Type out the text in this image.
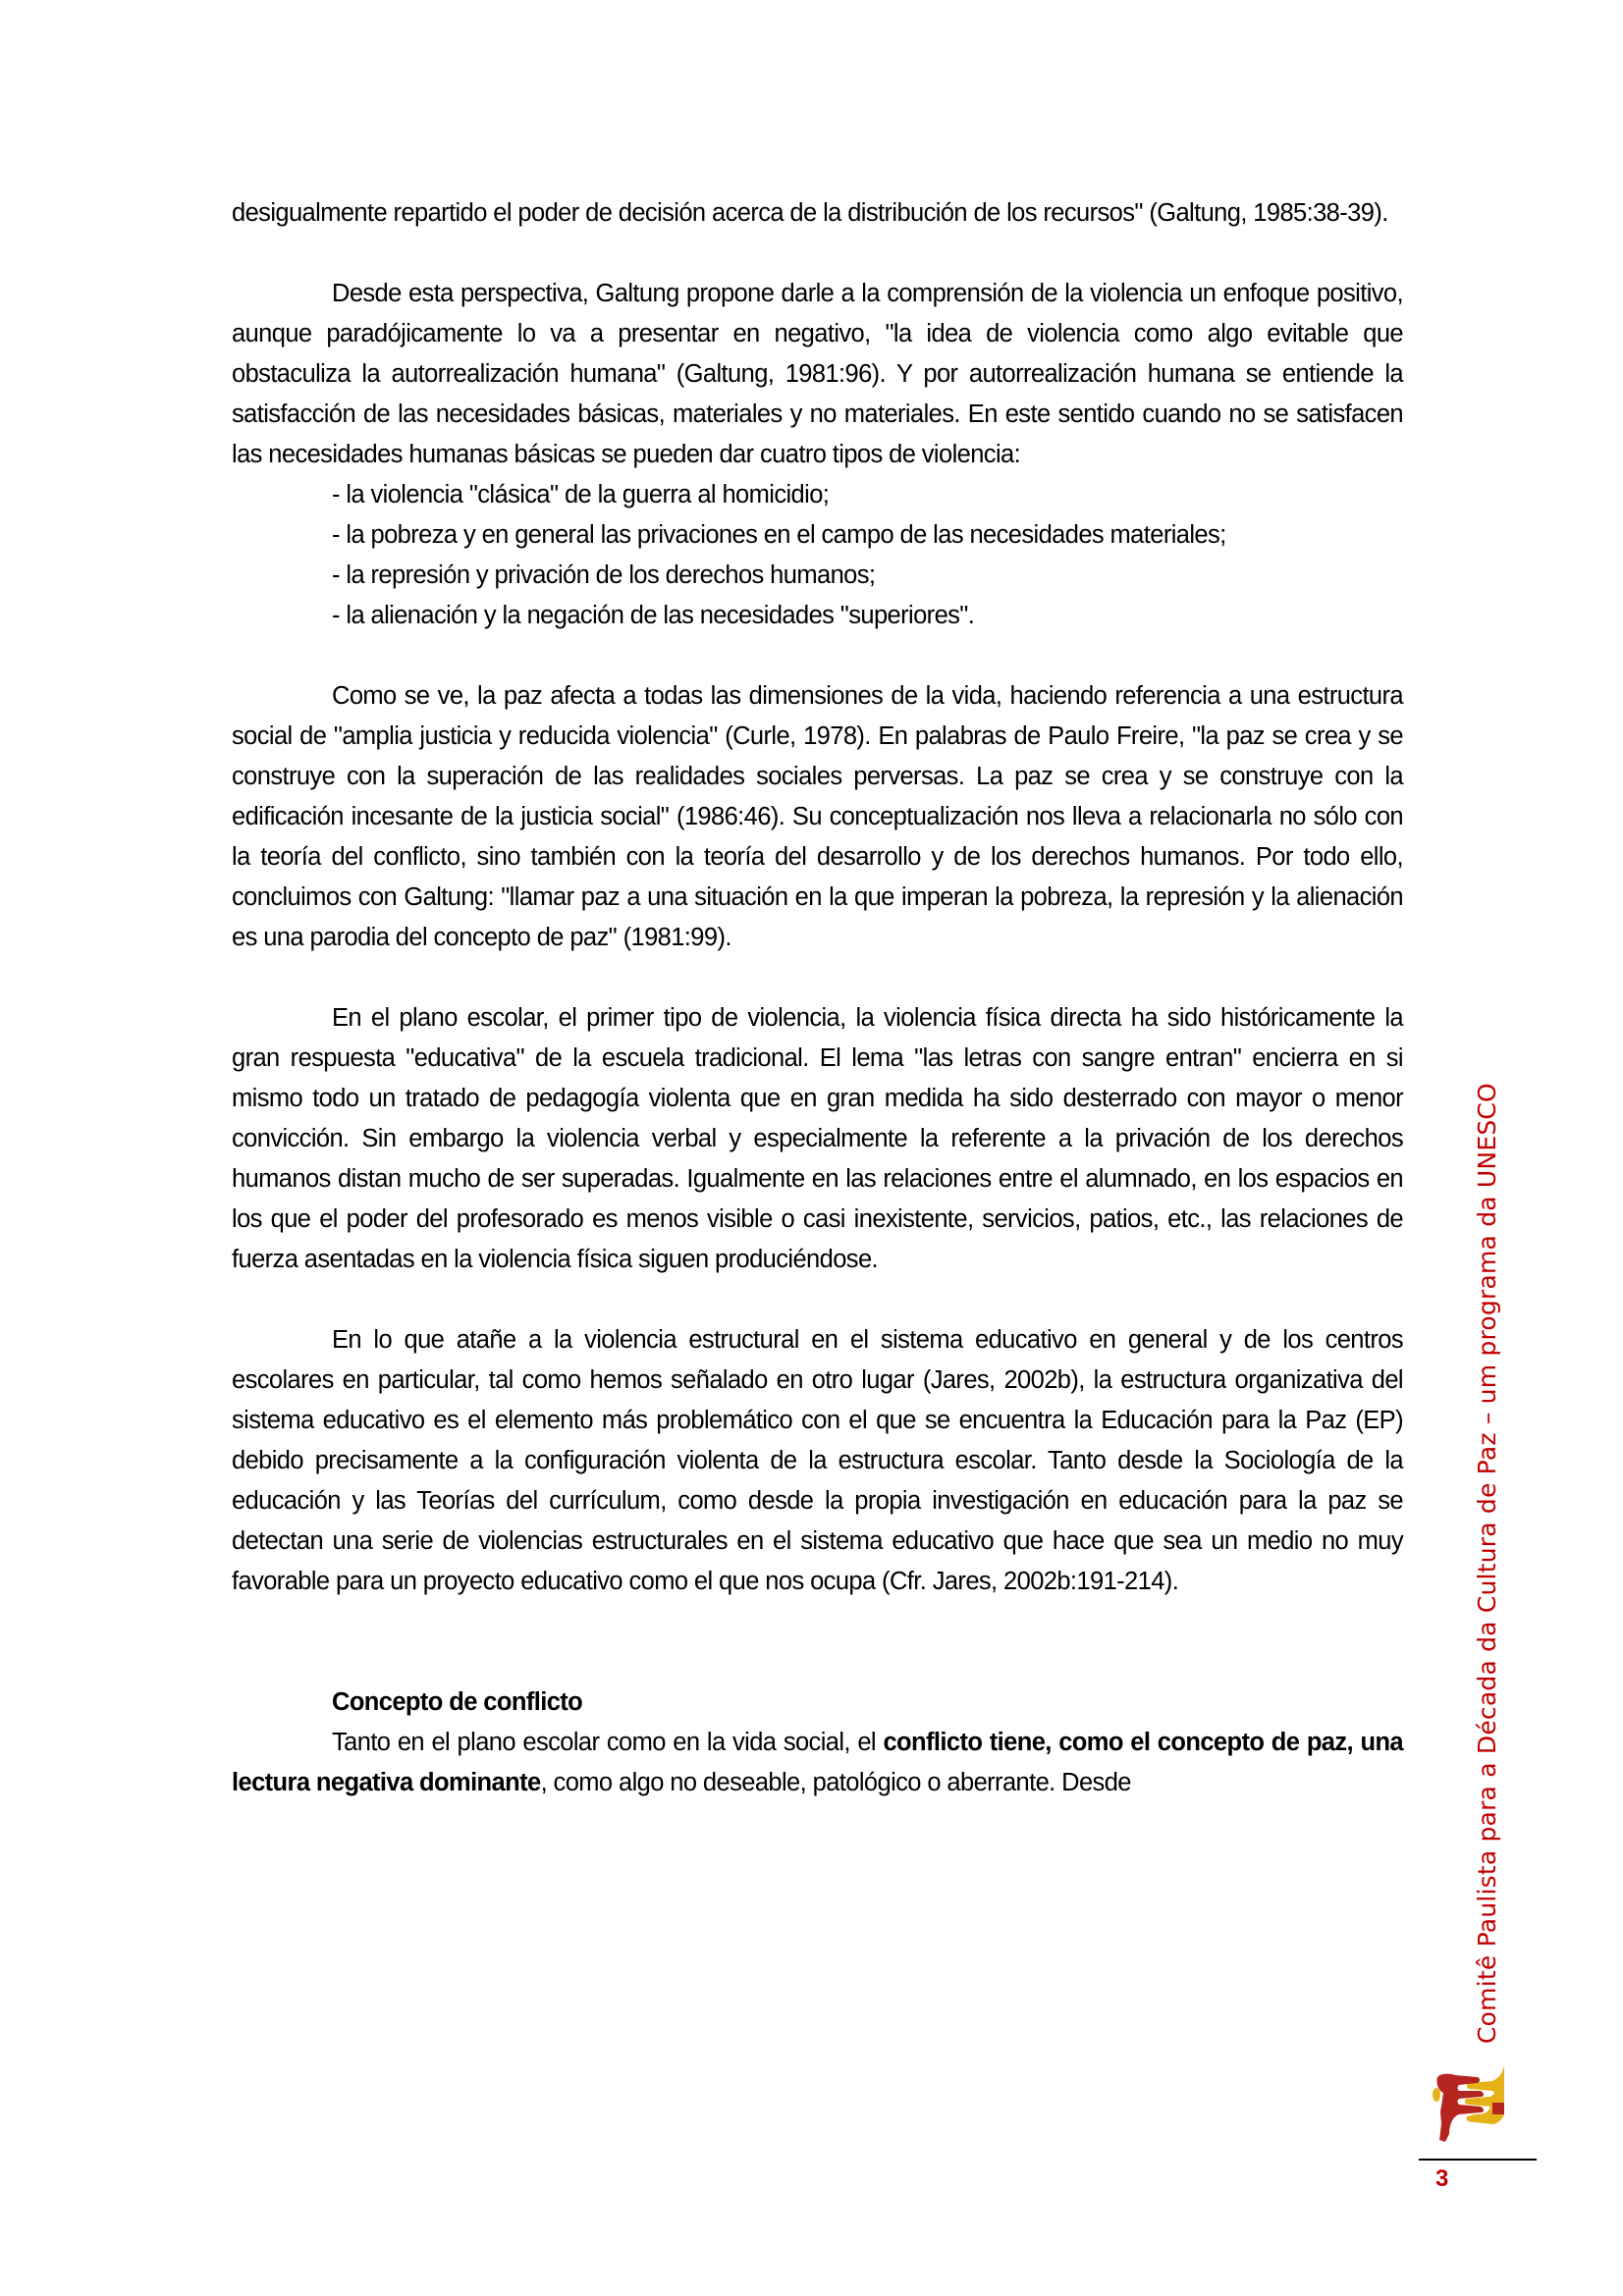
desigualmente repartido el poder de decisión acerca de la distribución de los recursos" (Galtung, 1985:38-39).

Desde esta perspectiva, Galtung propone darle a la comprensión de la violencia un enfoque positivo, aunque paradójicamente lo va a presentar en negativo, "la idea de violencia como algo evitable que obstaculiza la autorrealización humana" (Galtung, 1981:96). Y por autorrealización humana se entiende la satisfacción de las necesidades básicas, materiales y no materiales. En este sentido cuando no se satisfacen las necesidades humanas básicas se pueden dar cuatro tipos de violencia:

- la violencia "clásica" de la guerra al homicidio;
- la pobreza y en general las privaciones en el campo de las necesidades materiales;
- la represión y privación de los derechos humanos;
- la alienación y la negación de las necesidades "superiores".

Como se ve, la paz afecta a todas las dimensiones de la vida, haciendo referencia a una estructura social de "amplia justicia y reducida violencia" (Curle, 1978). En palabras de Paulo Freire, "la paz se crea y se construye con la superación de las realidades sociales perversas. La paz se crea y se construye con la edificación incesante de la justicia social" (1986:46). Su conceptualización nos lleva a relacionarla no sólo con la teoría del conflicto, sino también con la teoría del desarrollo y de los derechos humanos. Por todo ello, concluimos con Galtung: "llamar paz a una situación en la que imperan la pobreza, la represión y la alienación es una parodia del concepto de paz" (1981:99).

En el plano escolar, el primer tipo de violencia, la violencia física directa ha sido históricamente la gran respuesta "educativa" de la escuela tradicional. El lema "las letras con sangre entran" encierra en si mismo todo un tratado de pedagogía violenta que en gran medida ha sido desterrado con mayor o menor convicción. Sin embargo la violencia verbal y especialmente la referente a la privación de los derechos humanos distan mucho de ser superadas. Igualmente en las relaciones entre el alumnado, en los espacios en los que el poder del profesorado es menos visible o casi inexistente, servicios, patios, etc., las relaciones de fuerza asentadas en la violencia física siguen produciéndose.

En lo que atañe a la violencia estructural en el sistema educativo en general y de los centros escolares en particular, tal como hemos señalado en otro lugar (Jares, 2002b), la estructura organizativa del sistema educativo es el elemento más problemático con el que se encuentra la Educación para la Paz (EP) debido precisamente a la configuración violenta de la estructura escolar. Tanto desde la Sociología de la educación y las Teorías del currículum, como desde la propia investigación en educación para la paz se detectan una serie de violencias estructurales en el sistema educativo que hace que sea un medio no muy favorable para un proyecto educativo como el que nos ocupa (Cfr. Jares, 2002b:191-214).

Concepto de conflicto

Tanto en el plano escolar como en la vida social, el conflicto tiene, como el concepto de paz, una lectura negativa dominante, como algo no deseable, patológico o aberrante. Desde	Comitê Paulista para a Década da Cultura de Paz – um programa da UNESCO
3
